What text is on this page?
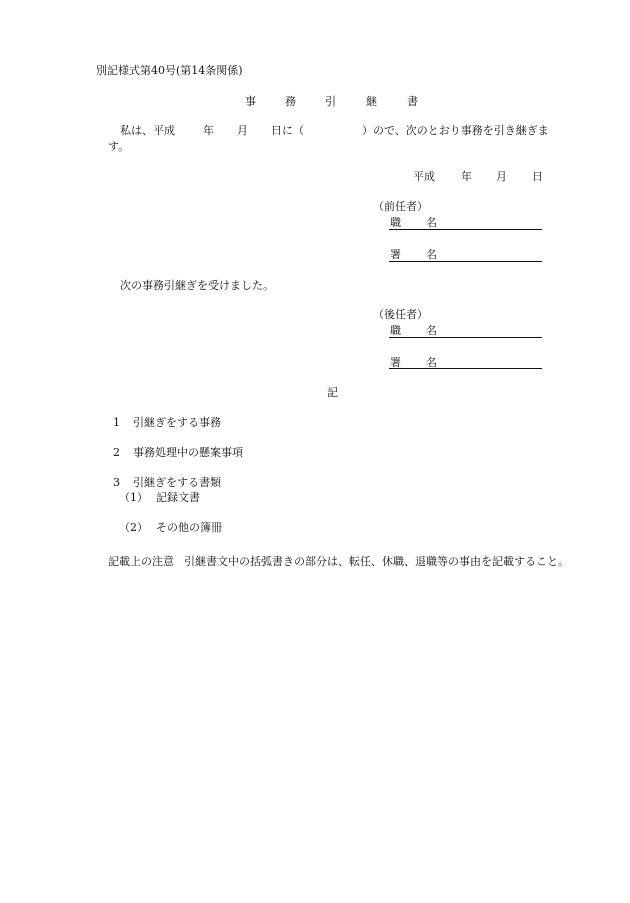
別記様式第40号(第14条関係)
事	務	引	継	書
私は、平成	年 月 日に（	）ので、次のとおり事務を引き継ぎま
す。
平成 年 月 日
（前任者）
職 名
署 名
次の事務引継ぎを受けました。
（後任者）
職 名
署 名
記
1 引継ぎをする事務
2 事務処理中の懸案事項
3 引継ぎをする書類
（1） 記録文書
（2） その他の簿冊
記載上の注意 引継書文中の括弧書きの部分は、転任、休職、退職等の事由を記載すること。
